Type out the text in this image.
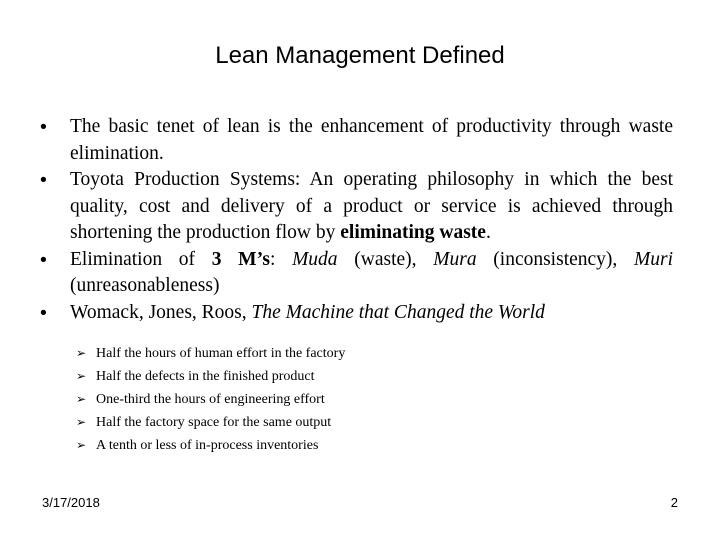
Lean Management Defined
• The basic tenet of lean is the enhancement of productivity through waste elimination.
• Toyota Production Systems: An operating philosophy in which the best quality, cost and delivery of a product or service is achieved through shortening the production flow by eliminating waste.
• Elimination of 3 M’s: Muda (waste), Mura (inconsistency), Muri (unreasonableness)
• Womack, Jones, Roos, The Machine that Changed the World
➢ Half the hours of human effort in the factory
➢ Half the defects in the finished product
➢ One-third the hours of engineering effort
➢ Half the factory space for the same output
➢ A tenth or less of in-process inventories
3/17/2018	2
